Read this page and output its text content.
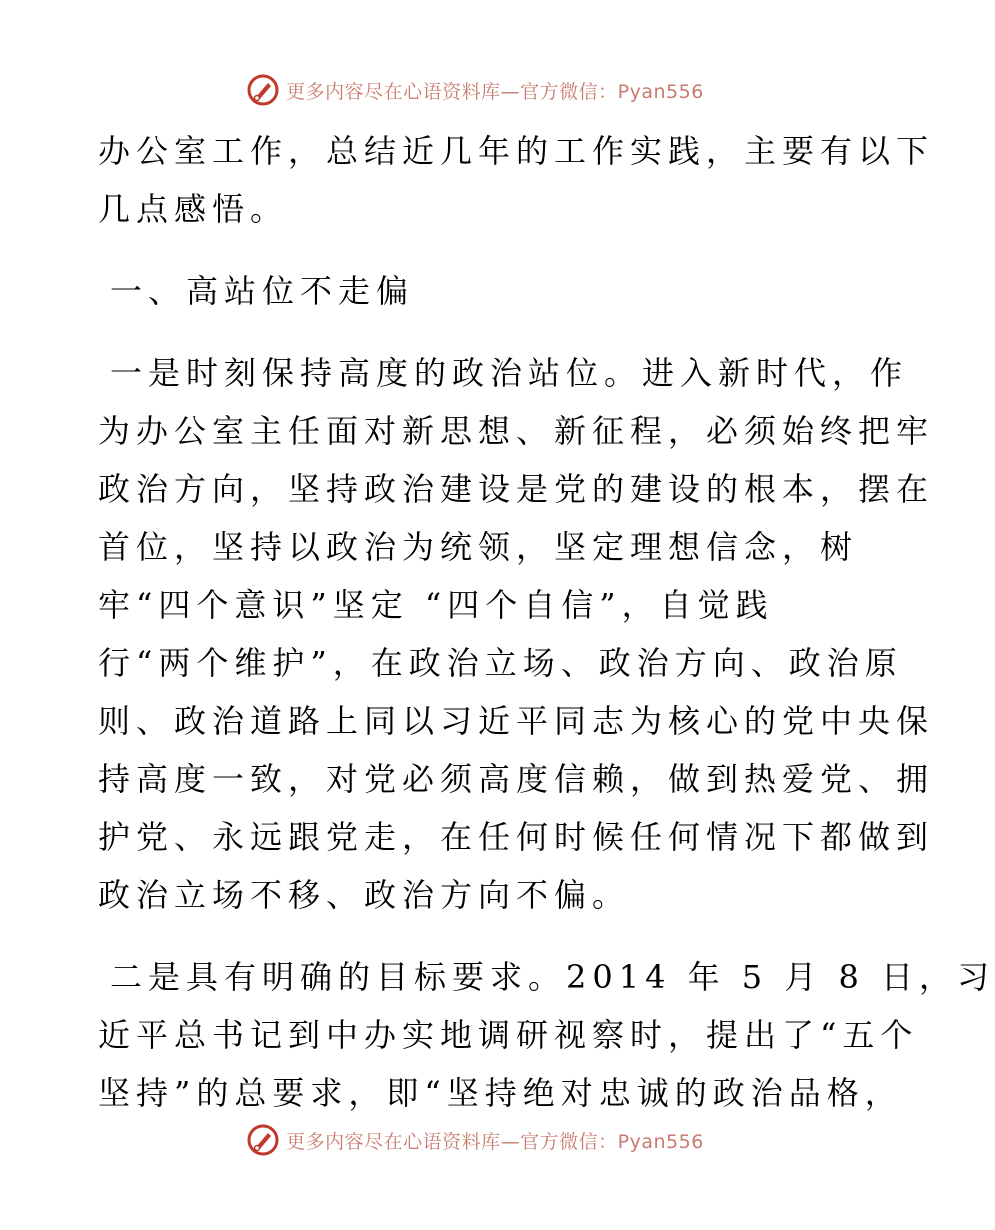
更多内容尽在心语资料库—官方微信：Pyan556
办公室工作，总结近几年的工作实践，主要有以下
几点感悟。
一、高站位不走偏
一是时刻保持高度的政治站位。进入新时代，作
为办公室主任面对新思想、新征程，必须始终把牢
政治方向，坚持政治建设是党的建设的根本，摆在
首位，坚持以政治为统领，坚定理想信念，树
牢“四个意识”坚定 “四个自信”，自觉践
行“两个维护”，在政治立场、政治方向、政治原
则、政治道路上同以习近平同志为核心的党中央保
持高度一致，对党必须高度信赖，做到热爱党、拥
护党、永远跟党走，在任何时候任何情况下都做到
政治立场不移、政治方向不偏。
二是具有明确的目标要求。2014 年 5 月 8 日，习
近平总书记到中办实地调研视察时，提出了“五个
坚持”的总要求，即“坚持绝对忠诚的政治品格，
更多内容尽在心语资料库—官方微信：Pyan556
